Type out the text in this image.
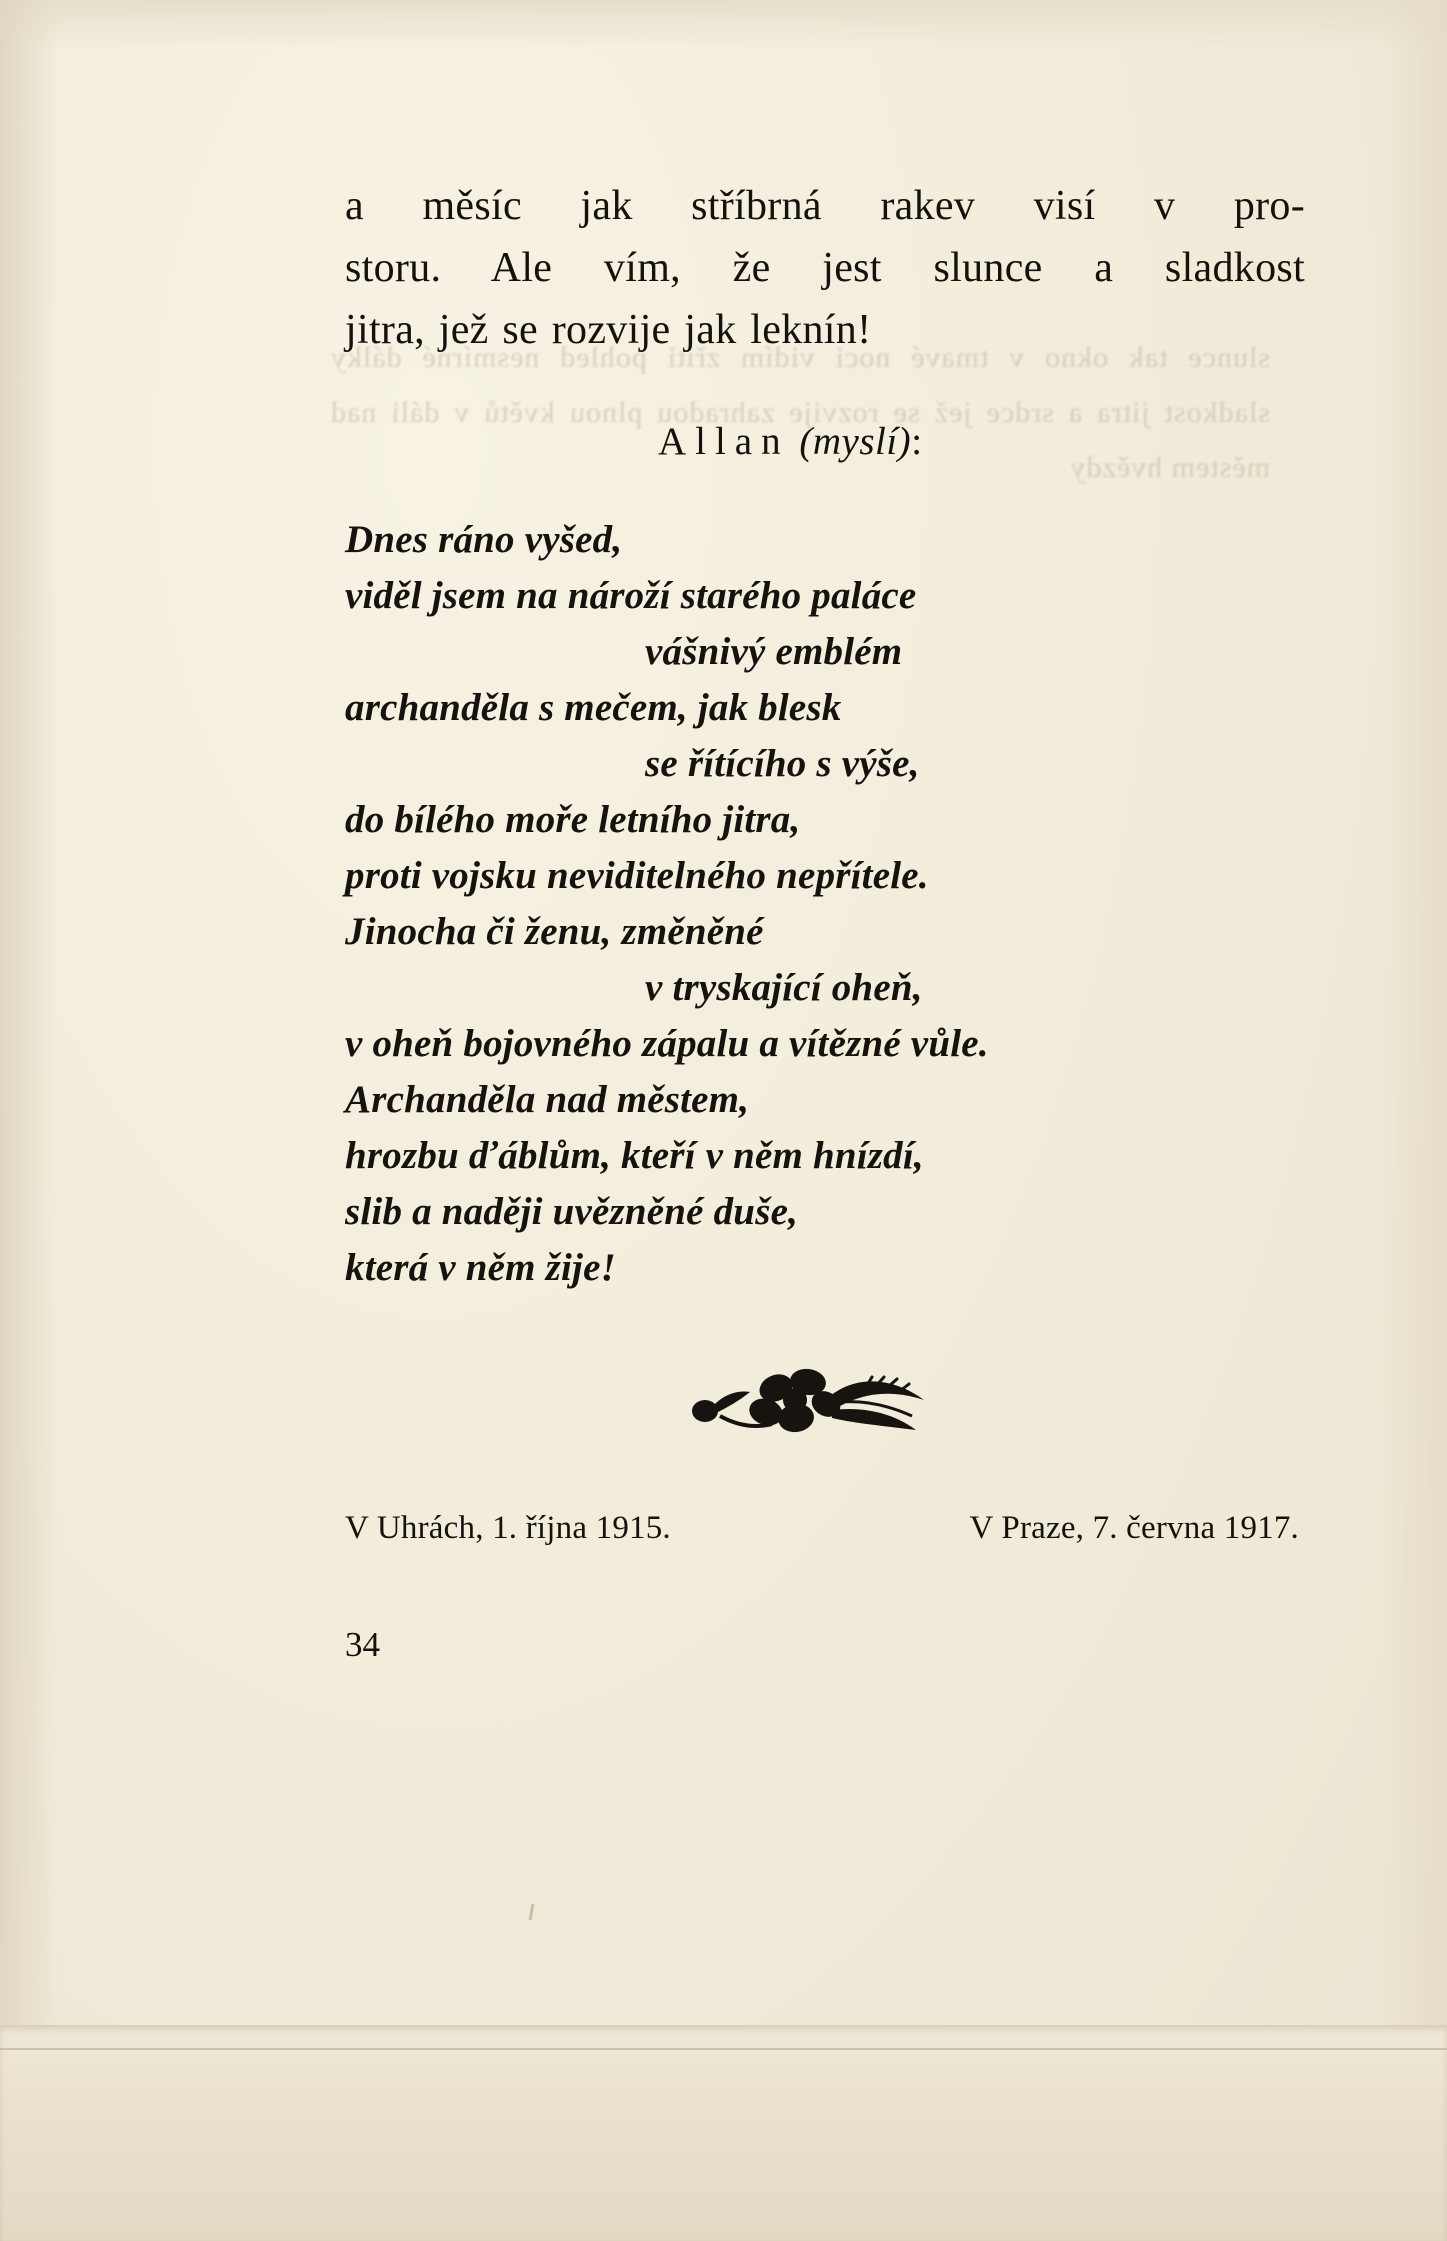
slunce tak okno v tmavé noci vidím zříti pohled nesmírné dálky sladkost jitra a srdce jež se rozvije zahradou plnou květů v dáli nad městem hvězdy
a měsíc jak stříbrná rakev visí v pro-
storu. Ale vím, že jest slunce a sladkost
jitra, jež se rozvije jak leknín!
Allan (myslí):
Dnes ráno vyšed,
viděl jsem na nároží starého paláce
vášnivý emblém
archanděla s mečem, jak blesk
se řítícího s výše,
do bílého moře letního jitra,
proti vojsku neviditelného nepřítele.
Jinocha či ženu, změněné
v tryskající oheň,
v oheň bojovného zápalu a vítězné vůle.
Archanděla nad městem,
hrozbu ďáblům, kteří v něm hnízdí,
slib a naději uvězněné duše,
která v něm žije!
V Uhrách, 1. října 1915.	V Praze, 7. června 1917.
34
